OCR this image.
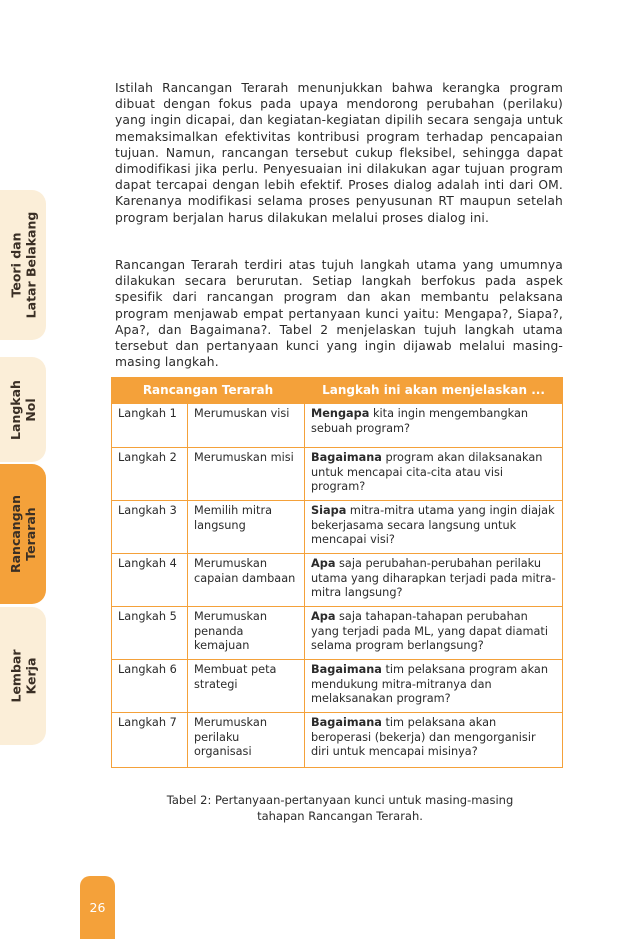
Teori dan Latar Belakang
Langkah Nol
Rancangan Terarah
Lembar Kerja

Istilah Rancangan Terarah menunjukkan bahwa kerangka program dibuat dengan fokus pada upaya mendorong perubahan (perilaku) yang ingin dicapai, dan kegiatan-kegiatan dipilih secara sengaja untuk memaksimalkan efektivitas kontribusi program terhadap pencapaian tujuan. Namun, rancangan tersebut cukup fleksibel, sehingga dapat dimodifikasi jika perlu. Penyesuaian ini dilakukan agar tujuan program dapat tercapai dengan lebih efektif. Proses dialog adalah inti dari OM. Karenanya modifikasi selama proses penyusunan RT maupun setelah program berjalan harus dilakukan melalui proses dialog ini.

Rancangan Terarah terdiri atas tujuh langkah utama yang umumnya dilakukan secara berurutan. Setiap langkah berfokus pada aspek spesifik dari rancangan program dan akan membantu pelaksana program menjawab empat pertanyaan kunci yaitu: Mengapa?, Siapa?, Apa?, dan Bagaimana?. Tabel 2 menjelaskan tujuh langkah utama tersebut dan pertanyaan kunci yang ingin dijawab melalui masing-masing langkah.

Rancangan Terarah		Langkah ini akan menjelaskan ...
Langkah 1	Merumuskan visi	Mengapa kita ingin mengembangkan sebuah program?
Langkah 2	Merumuskan misi	Bagaimana program akan dilaksanakan untuk mencapai cita-cita atau visi program?
Langkah 3	Memilih mitra langsung	Siapa mitra-mitra utama yang ingin diajak bekerjasama secara langsung untuk mencapai visi?
Langkah 4	Merumuskan capaian dambaan	Apa saja perubahan-perubahan perilaku utama yang diharapkan terjadi pada mitra-mitra langsung?
Langkah 5	Merumuskan penanda kemajuan	Apa saja tahapan-tahapan perubahan yang terjadi pada ML, yang dapat diamati selama program berlangsung?
Langkah 6	Membuat peta strategi	Bagaimana tim pelaksana program akan mendukung mitra-mitranya dan melaksanakan program?
Langkah 7	Merumuskan perilaku organisasi	Bagaimana tim pelaksana akan beroperasi (bekerja) dan mengorganisir diri untuk mencapai misinya?
Tabel 2: Pertanyaan-pertanyaan kunci untuk masing-masing
tahapan Rancangan Terarah.
26
